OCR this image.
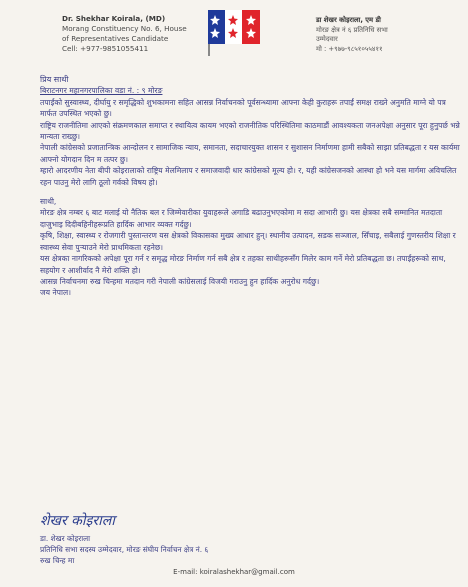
Dr. Shekhar Koirala, (MD)
Morang Constituency No. 6, House
of Representatives Candidate
Cell: +977-9851055411
डा शेखर कोइराला, एम डी
मोरङ क्षेत्र नं ६ प्रतिनिधि सभा
उम्मेदवार
मो : +९७७-९८५१०५५४११

प्रिय साथी

बिराटनगर महानगरपालिका वडा नं. : ९ मोरङ

तपाईंको सुस्वास्थ्य, दीर्घायु र समृद्धिको शुभकामना सहित आसन्न निर्वाचनको पूर्वसन्ध्यामा आफ्ना केही कुराहरू तपाईं समक्ष राख्ने अनुमति माग्ने यो पत्र मार्फत उपस्थित भएको छु।

राष्ट्रिय राजनीतिमा आएको संक्रमणकाल समाप्त र स्थायित्व कायम भएको राजनीतिक परिस्थितिमा काठमाडौं आवश्यकता जनअपेक्षा अनुसार पूरा हुनुपर्छ भन्ने मान्यता राख्छु।

नेपाली कांग्रेसको प्रजातान्त्रिक आन्दोलन र सामाजिक न्याय, समानता, सदाचारयुक्त शासन र सुशासन निर्माणमा हामी सबैको साझा प्रतिबद्धता र यस कार्यमा आफ्नो योगदान दिन म तत्पर छु।

म्हारो आदरणीय नेता बीपी कोइरालाको राष्ट्रिय मेलमिलाप र समाजवादी धार कांग्रेसको मूल्य हो। र, यही कांग्रेसजनको आस्था हो भने यस मार्गमा अविचलित रहन पाउनु मेरो लागि ठूलो गर्वको विषय हो।

साथी,

मोरङ क्षेत्र नम्बर ६ बाट मलाई यो नैतिक बल र जिम्मेवारीका युवाहरूले अगाडि बढाउनुभएकोमा म सदा आभारी छु। यस क्षेत्रका सबै सम्मानित मतदाता दाजुभाइ दिदीबहिनीहरूप्रति हार्दिक आभार व्यक्त गर्दछु।

कृषि, शिक्षा, स्वास्थ्य र रोजगारी पुस्तान्तरण यस क्षेत्रको विकासका मुख्य आधार हुन्। स्थानीय उत्पादन, सडक सञ्जाल, सिँचाइ, सबैलाई गुणस्तरीय शिक्षा र स्वास्थ्य सेवा पुर्‍याउने मेरो प्राथमिकता रहनेछ।

यस क्षेत्रका नागरिकको अपेक्षा पूरा गर्न र समृद्ध मोरङ निर्माण गर्न सबै क्षेत्र र तहका साथीहरूसँग मिलेर काम गर्ने मेरो प्रतिबद्धता छ। तपाईंहरूको साथ, सहयोग र आशीर्वाद नै मेरो शक्ति हो।

आसन्न निर्वाचनमा रुख चिन्हमा मतदान गरी नेपाली कांग्रेसलाई विजयी गराउनु हुन हार्दिक अनुरोध गर्दछु।

जय नेपाल।

शेखर कोइराला
डा. शेखर कोइराला
प्रतिनिधि सभा सदस्य उम्मेदवार, मोरङ संघीय निर्वाचन क्षेत्र नं. ६
रुख चिन्ह मा
E-mail: koiralashekhar@gmail.com
